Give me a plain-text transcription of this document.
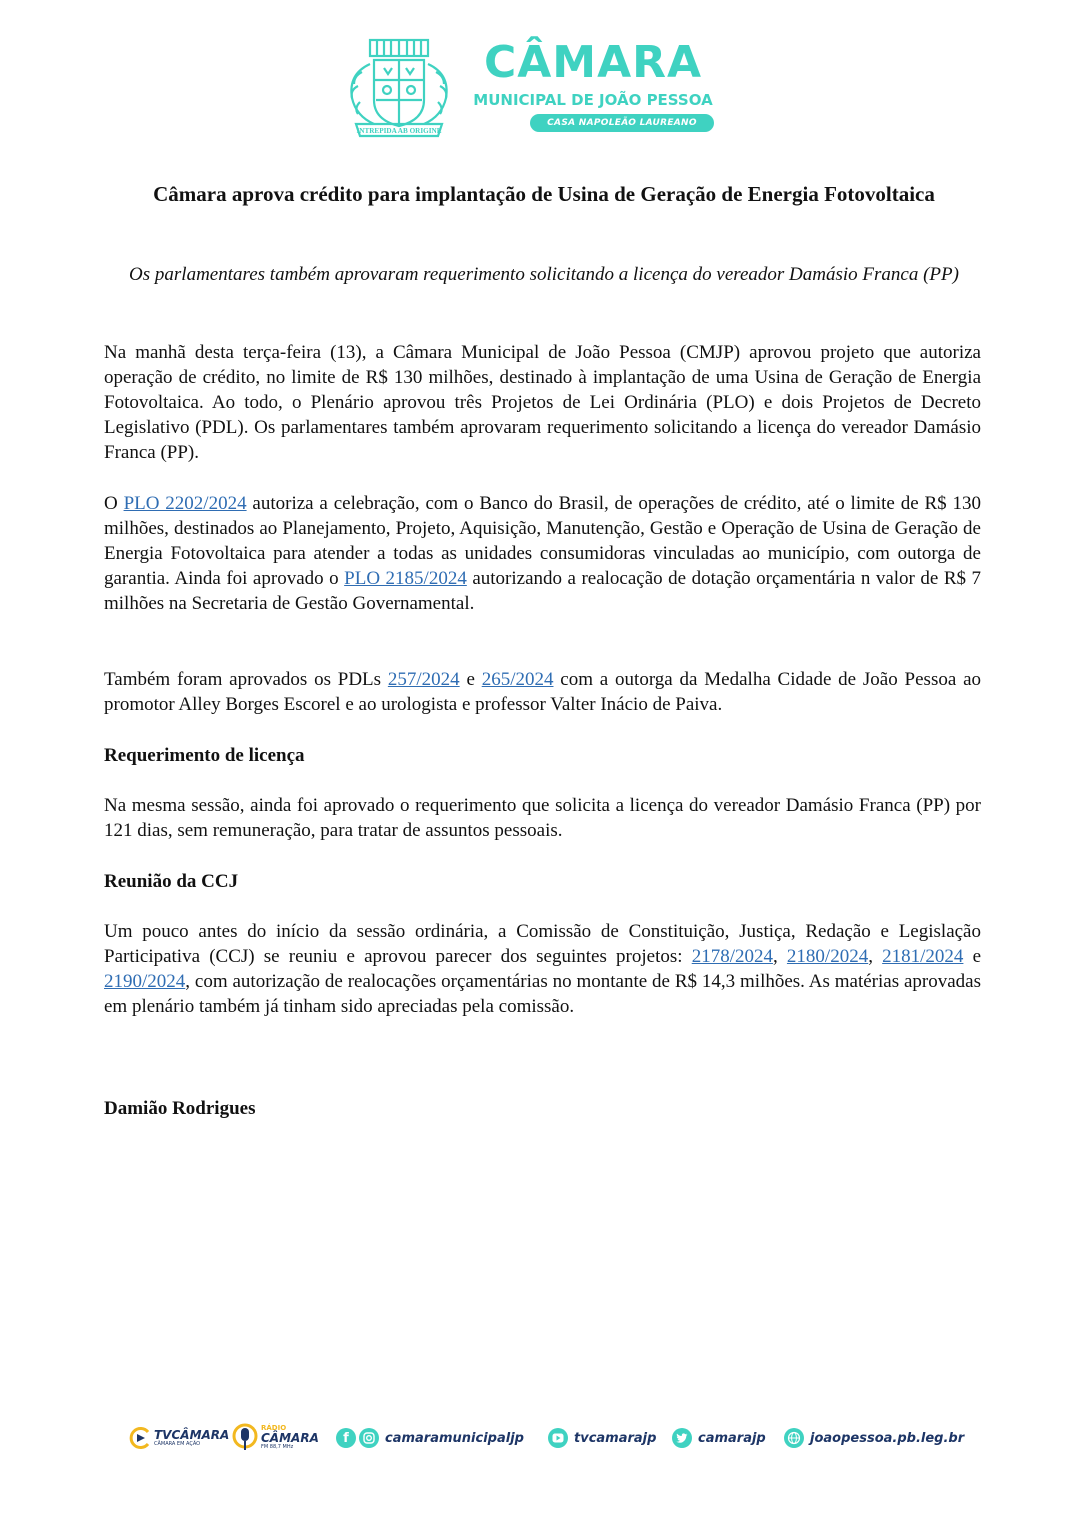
INTREPIDA AB ORIGINE
CÂMARA
MUNICIPAL DE JOÃO PESSOA
CASA NAPOLEÃO LAUREANO
Câmara aprova crédito para implantação de Usina de Geração de Energia Fotovoltaica

Os parlamentares também aprovaram requerimento solicitando a licença do vereador Damásio Franca (PP)

Na manhã desta terça-feira (13), a Câmara Municipal de João Pessoa (CMJP) aprovou projeto que autoriza operação de crédito, no limite de R$ 130 milhões, destinado à implantação de uma Usina de Geração de Energia Fotovoltaica. Ao todo, o Plenário aprovou três Projetos de Lei Ordinária (PLO) e dois Projetos de Decreto Legislativo (PDL). Os parlamentares também aprovaram requerimento solicitando a licença do vereador Damásio Franca (PP).

O PLO 2202/2024 autoriza a celebração, com o Banco do Brasil, de operações de crédito, até o limite de R$ 130 milhões, destinados ao Planejamento, Projeto, Aquisição, Manutenção, Gestão e Operação de Usina de Geração de Energia Fotovoltaica para atender a todas as unidades consumidoras vinculadas ao município, com outorga de garantia. Ainda foi aprovado o PLO 2185/2024 autorizando a realocação de dotação orçamentária n valor de R$ 7 milhões na Secretaria de Gestão Governamental.

Também foram aprovados os PDLs 257/2024 e 265/2024 com a outorga da Medalha Cidade de João Pessoa ao promotor Alley Borges Escorel e ao urologista e professor Valter Inácio de Paiva.

Requerimento de licença

Na mesma sessão, ainda foi aprovado o requerimento que solicita a licença do vereador Damásio Franca (PP) por 121 dias, sem remuneração, para tratar de assuntos pessoais.

Reunião da CCJ

Um pouco antes do início da sessão ordinária, a Comissão de Constituição, Justiça, Redação e Legislação Participativa (CCJ) se reuniu e aprovou parecer dos seguintes projetos: 2178/2024, 2180/2024, 2181/2024 e 2190/2024, com autorização de realocações orçamentárias no montante de R$ 14,3 milhões. As matérias aprovadas em plenário também já tinham sido apreciadas pela comissão.

Damião Rodrigues

TVCÂMARA
CÂMARA EM AÇÃO
RÁDIO
CÂMARA
FM 88,7 MHz
f	camaramunicipaljp	tvcamarajp	camarajp	joaopessoa.pb.leg.br
